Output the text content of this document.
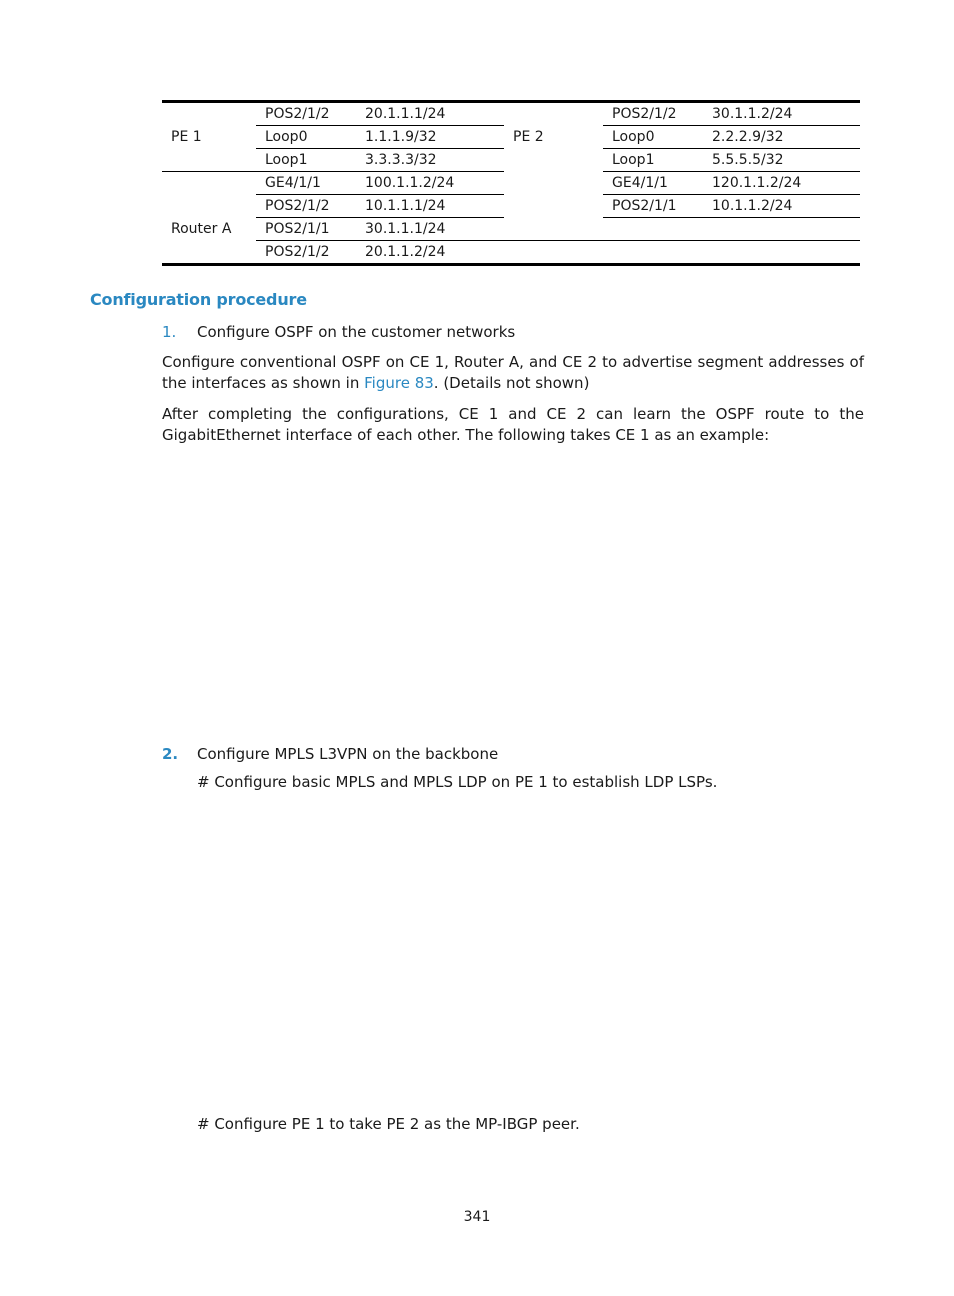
	POS2/1/2	20.1.1.1/24		POS2/1/2	30.1.1.2/24
PE 1	Loop0	1.1.1.9/32	PE 2	Loop0	2.2.2.9/32
	Loop1	3.3.3.3/32		Loop1	5.5.5.5/32
	GE4/1/1	100.1.1.2/24		GE4/1/1	120.1.1.2/24
	POS2/1/2	10.1.1.1/24		POS2/1/1	10.1.1.2/24
Router A	POS2/1/1	30.1.1.1/24			
	POS2/1/2	20.1.1.2/24			
Configuration procedure
1. Configure OSPF on the customer networks

Configure conventional OSPF on CE 1, Router A, and CE 2 to advertise segment addresses of the interfaces as shown in Figure 83. (Details not shown)

After completing the configurations, CE 1 and CE 2 can learn the OSPF route to the GigabitEthernet interface of each other. The following takes CE 1 as an example:

2. Configure MPLS L3VPN on the backbone

# Configure basic MPLS and MPLS LDP on PE 1 to establish LDP LSPs.

# Configure PE 1 to take PE 2 as the MP-IBGP peer.

341
